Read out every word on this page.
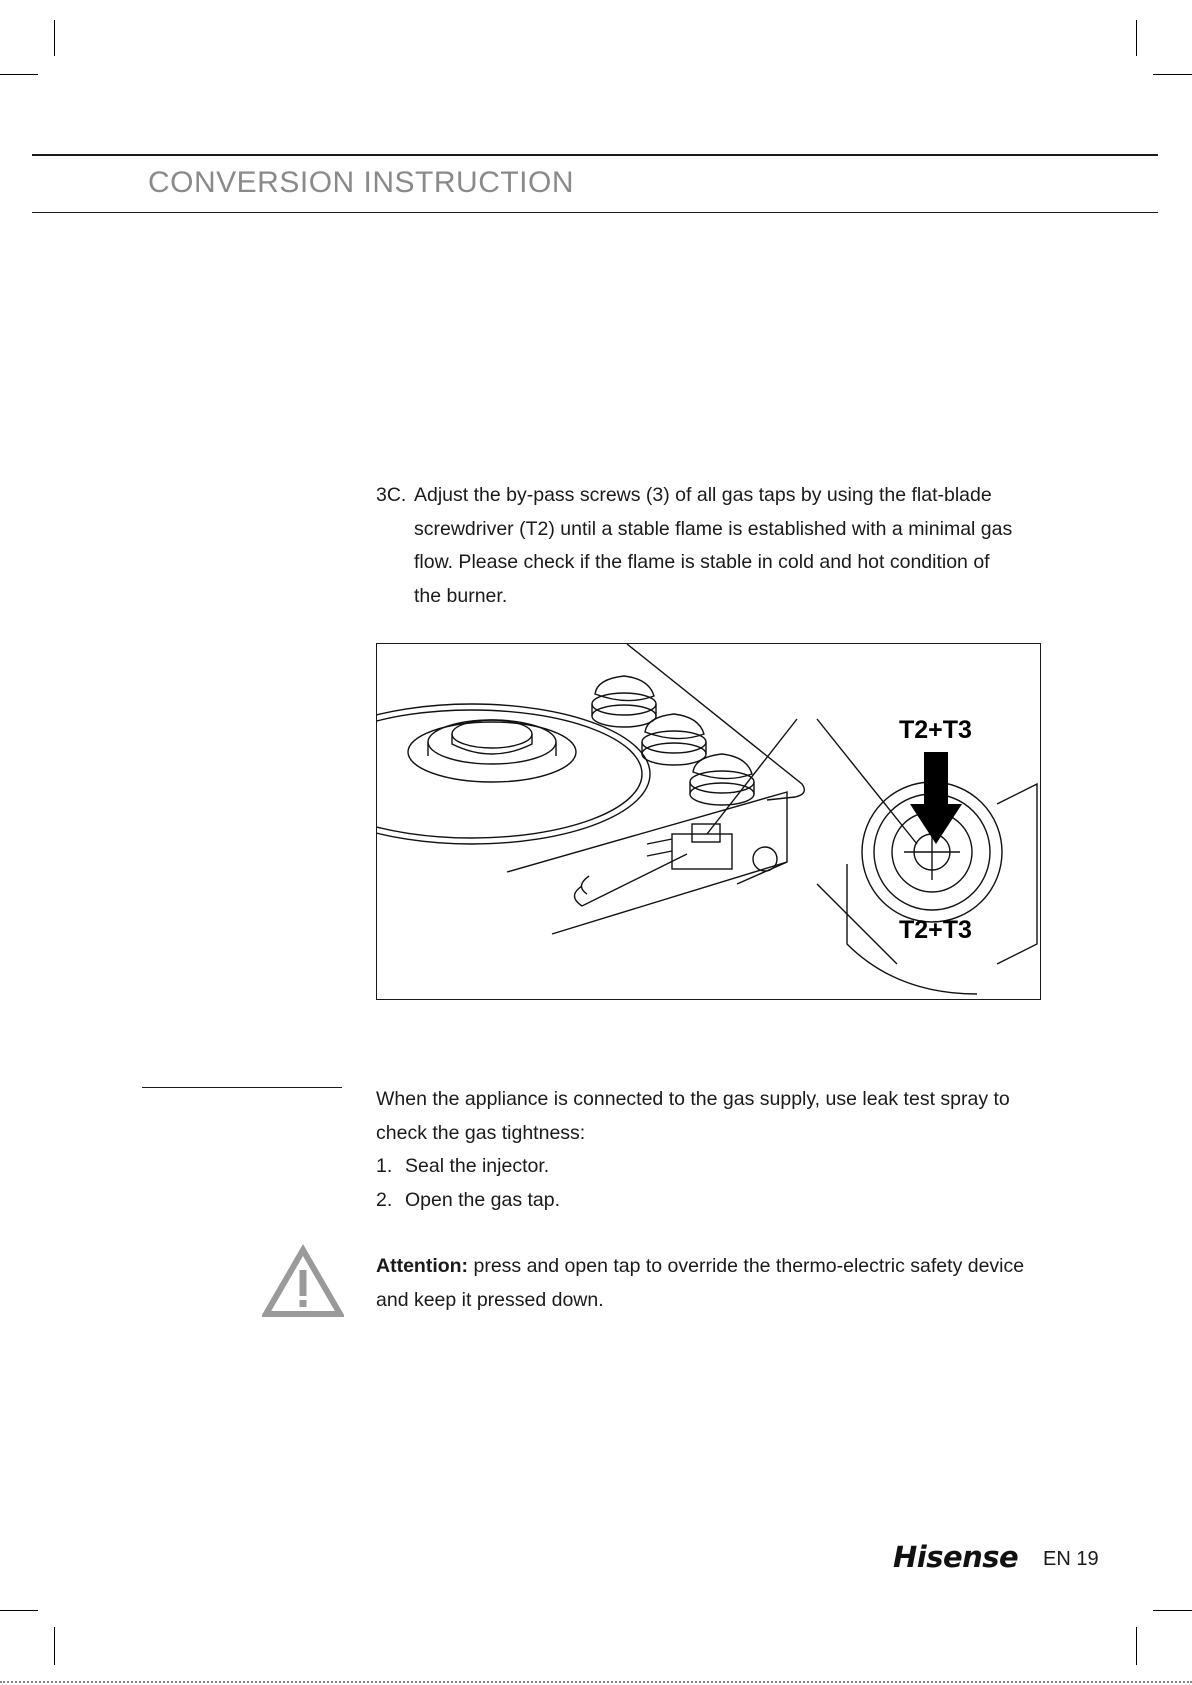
CONVERSION INSTRUCTION
3C. Adjust the by-pass screws (3) of all gas taps by using the flat-blade screwdriver (T2) until a stable flame is established with a minimal gas flow. Please check if the flame is stable in cold and hot condition of the burner.
T2+T3
T2+T3
When the appliance is connected to the gas supply, use leak test spray to check the gas tightness:
1. Seal the injector.
2. Open the gas tap.
Attention: press and open tap to override the thermo-electric safety device and keep it pressed down.
Hisense EN 19
